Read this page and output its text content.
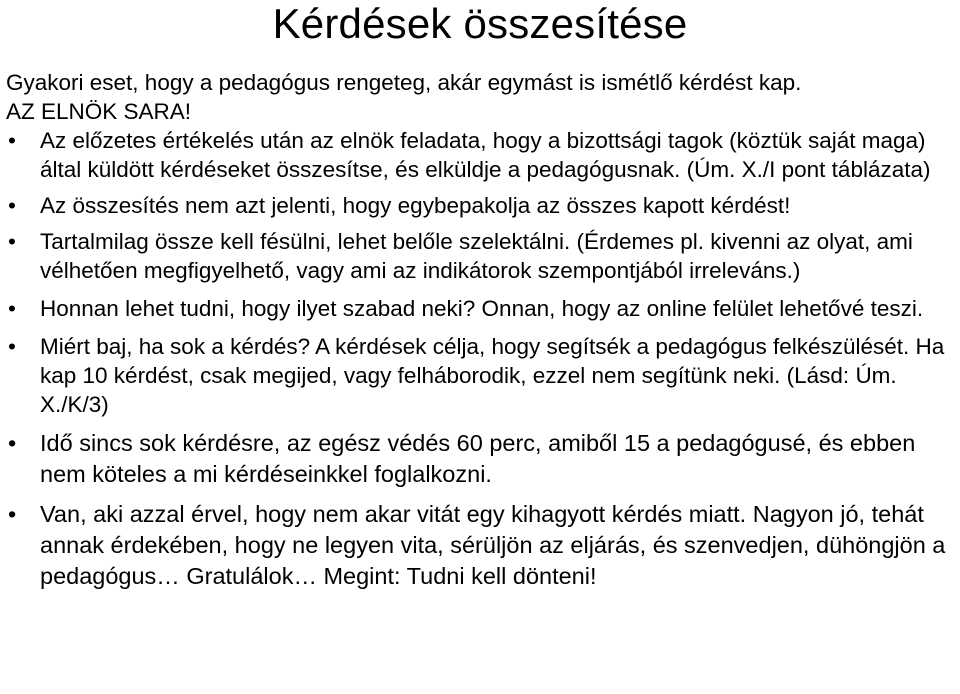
Kérdések összesítése

Gyakori eset, hogy a pedagógus rengeteg, akár egymást is ismétlő kérdést kap.

AZ ELNÖK SARA!

• Az előzetes értékelés után az elnök feladata, hogy a bizottsági tagok (köztük saját maga) által küldött kérdéseket összesítse, és elküldje a pedagógusnak. (Úm. X./I pont táblázata)
• Az összesítés nem azt jelenti, hogy egybepakolja az összes kapott kérdést!
• Tartalmilag össze kell fésülni, lehet belőle szelektálni. (Érdemes pl. kivenni az olyat, ami vélhetően megfigyelhető, vagy ami az indikátorok szempontjából irreleváns.)
• Honnan lehet tudni, hogy ilyet szabad neki? Onnan, hogy az online felület lehetővé teszi.
• Miért baj, ha sok a kérdés? A kérdések célja, hogy segítsék a pedagógus felkészülését. Ha kap 10 kérdést, csak megijed, vagy felháborodik, ezzel nem segítünk neki. (Lásd: Úm. X./K/3)
• Idő sincs sok kérdésre, az egész védés 60 perc, amiből 15 a pedagógusé, és ebben nem köteles a mi kérdéseinkkel foglalkozni.
• Van, aki azzal érvel, hogy nem akar vitát egy kihagyott kérdés miatt. Nagyon jó, tehát annak érdekében, hogy ne legyen vita, sérüljön az eljárás, és szenvedjen, dühöngjön a pedagógus… Gratulálok… Megint: Tudni kell dönteni!
